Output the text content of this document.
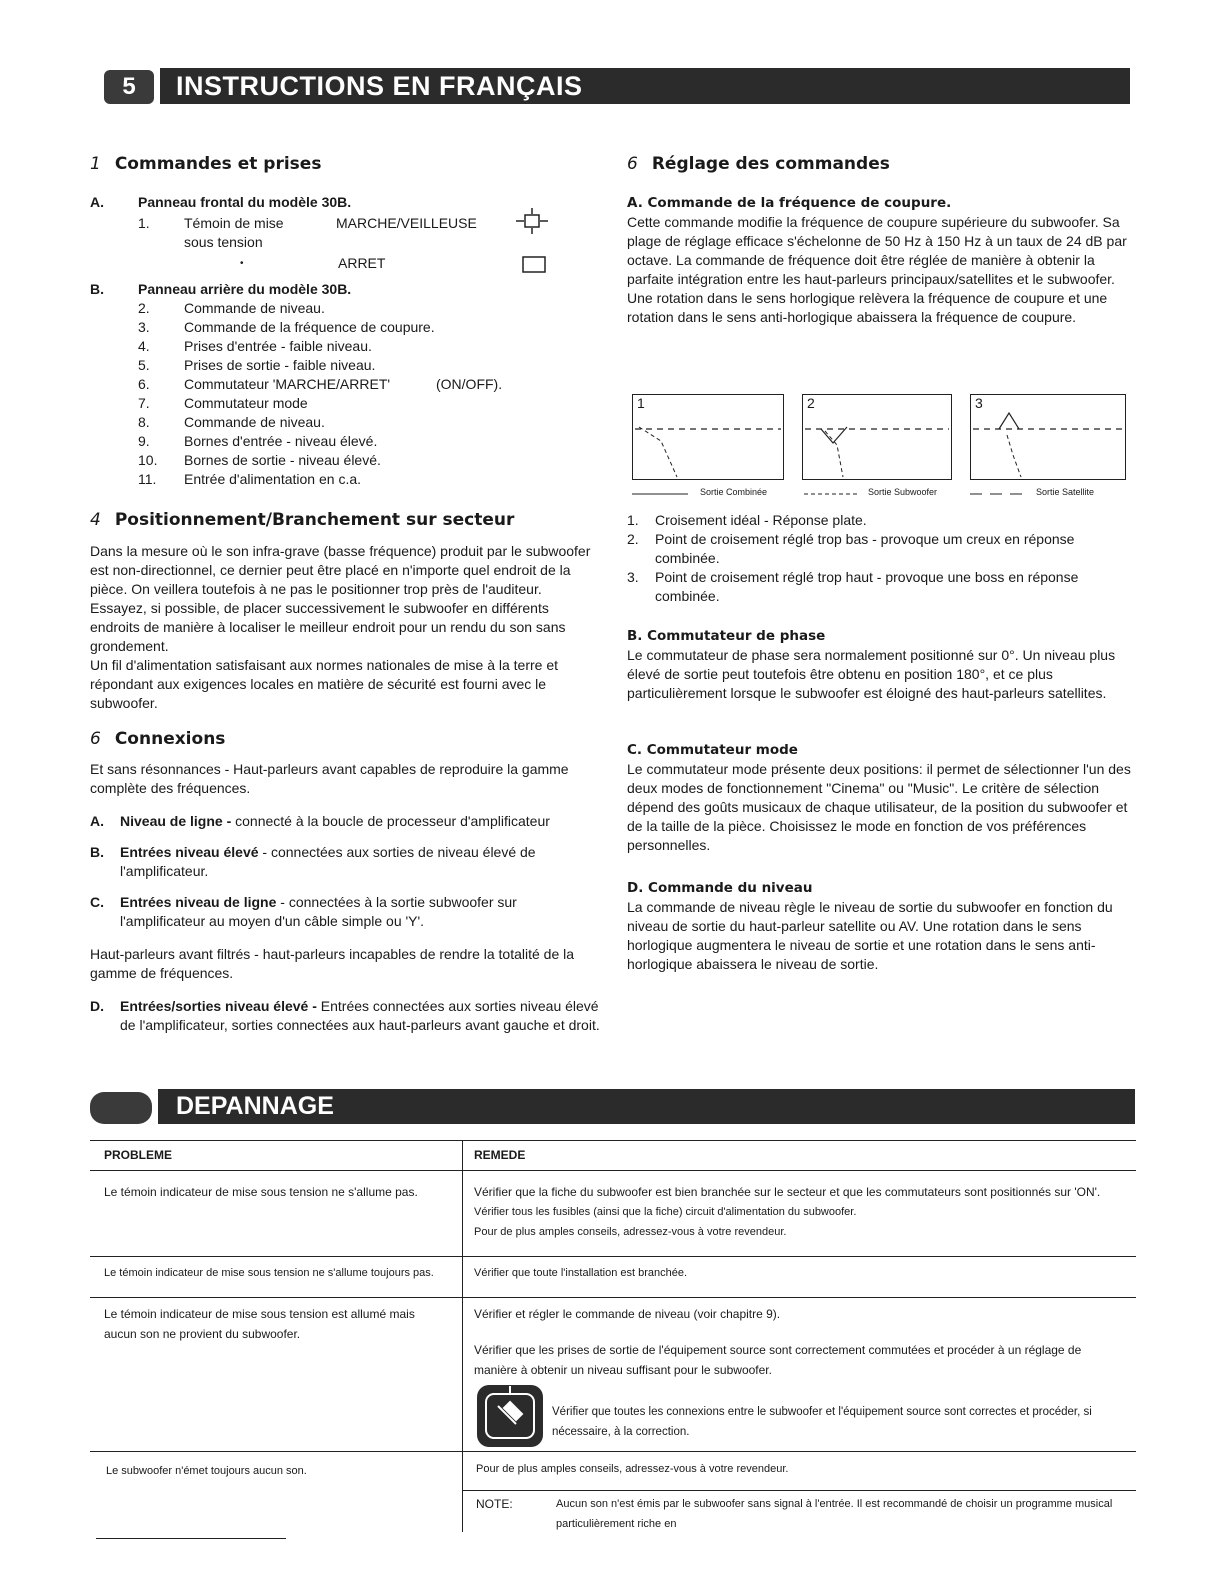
5	INSTRUCTIONS EN FRANÇAIS
1 Commandes et prises
A.	Panneau frontal du modèle 30B.
1.	Témoin de mise	MARCHE/VEILLEUSE
sous tension
•	ARRET
B.	Panneau arrière du modèle 30B.
2.	Commande de niveau.
3.	Commande de la fréquence de coupure.
4.	Prises d'entrée - faible niveau.
5.	Prises de sortie - faible niveau.
6.	Commutateur 'MARCHE/ARRET'	(ON/OFF).
7.	Commutateur mode
8.	Commande de niveau.
9.	Bornes d'entrée - niveau élevé.
10.	Bornes de sortie - niveau élevé.
11.	Entrée d'alimentation en c.a.
4 Positionnement/Branchement sur secteur
Dans la mesure où le son infra-grave (basse fréquence) produit par le subwoofer est non-directionnel, ce dernier peut être placé en n'importe quel endroit de la pièce. On veillera toutefois à ne pas le positionner trop près de l'auditeur. Essayez, si possible, de placer successivement le subwoofer en différents endroits de manière à localiser le meilleur endroit pour un rendu du son sans grondement.
Un fil d'alimentation satisfaisant aux normes nationales de mise à la terre et répondant aux exigences locales en matière de sécurité est fourni avec le subwoofer.
6 Connexions
Et sans résonnances - Haut-parleurs avant capables de reproduire la gamme complète des fréquences.
A.	Niveau de ligne - connecté à la boucle de processeur d'amplificateur
B.	Entrées niveau élevé - connectées aux sorties de niveau élevé de l'amplificateur.
C.	Entrées niveau de ligne - connectées à la sortie subwoofer sur l'amplificateur au moyen d'un câble simple ou 'Y'.
Haut-parleurs avant filtrés - haut-parleurs incapables de rendre la totalité de la gamme de fréquences.
D.	Entrées/sorties niveau élevé - Entrées connectées aux sorties niveau élevé de l'amplificateur, sorties connectées aux haut-parleurs avant gauche et droit.
6 Réglage des commandes
A. Commande de la fréquence de coupure.
Cette commande modifie la fréquence de coupure supérieure du subwoofer. Sa plage de réglage efficace s'échelonne de 50 Hz à 150 Hz à un taux de 24 dB par octave. La commande de fréquence doit être réglée de manière à obtenir la parfaite intégration entre les haut-parleurs principaux/satellites et le subwoofer.
Une rotation dans le sens horlogique relèvera la fréquence de coupure et une rotation dans le sens anti-horlogique abaissera la fréquence de coupure.
1	2	3
Sortie Combinée	Sortie Subwoofer	Sortie Satellite
1.	Croisement idéal - Réponse plate.
2.	Point de croisement réglé trop bas - provoque um creux en réponse combinée.
3.	Point de croisement réglé trop haut - provoque une boss en réponse combinée.
B. Commutateur de phase
Le commutateur de phase sera normalement positionné sur 0°. Un niveau plus élevé de sortie peut toutefois être obtenu en position 180°, et ce plus particulièrement lorsque le subwoofer est éloigné des haut-parleurs satellites.
C. Commutateur mode
Le commutateur mode présente deux positions: il permet de sélectionner l'un des deux modes de fonctionnement "Cinema" ou "Music". Le critère de sélection dépend des goûts musicaux de chaque utilisateur, de la position du subwoofer et de la taille de la pièce. Choisissez le mode en fonction de vos préférences personnelles.
D. Commande du niveau
La commande de niveau règle le niveau de sortie du subwoofer en fonction du niveau de sortie du haut-parleur satellite ou AV. Une rotation dans le sens horlogique augmentera le niveau de sortie et une rotation dans le sens anti-horlogique abaissera le niveau de sortie.
DEPANNAGE
PROBLEME	REMEDE
Le témoin indicateur de mise sous tension ne s'allume pas.	Vérifier que la fiche du subwoofer est bien branchée sur le secteur et que les commutateurs sont positionnés sur 'ON'.
Vérifier tous les fusibles (ainsi que la fiche) circuit d'alimentation du subwoofer.
Pour de plus amples conseils, adressez-vous à votre revendeur.
Le témoin indicateur de mise sous tension ne s'allume toujours pas.	Vérifier que toute l'installation est branchée.
Le témoin indicateur de mise sous tension est allumé mais aucun son ne provient du subwoofer.
Vérifier et régler le commande de niveau (voir chapitre 9).
Vérifier que les prises de sortie de l'équipement source sont correctement commutées et procéder à un réglage de manière à obtenir un niveau suffisant pour le subwoofer.
Vérifier que toutes les connexions entre le subwoofer et l'équipement source sont correctes et procéder, si nécessaire, à la correction.
Le subwoofer n'émet toujours aucun son.	Pour de plus amples conseils, adressez-vous à votre revendeur.
NOTE:	Aucun son n'est émis par le subwoofer sans signal à l'entrée. Il est recommandé de choisir un programme musical particulièrement riche en
